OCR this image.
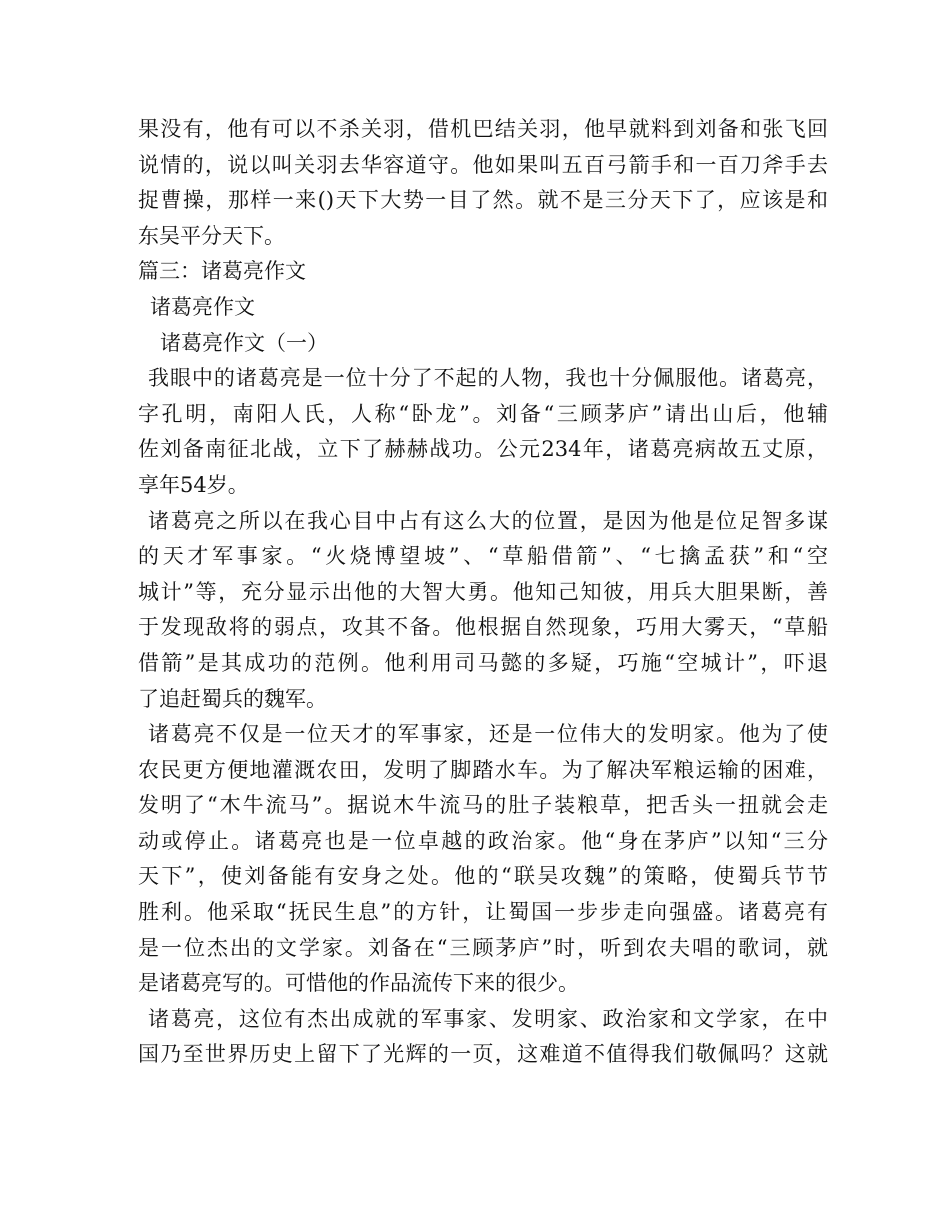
果没有，他有可以不杀关羽，借机巴结关羽，他早就料到刘备和张飞回
说情的，说以叫关羽去华容道守。他如果叫五百弓箭手和一百刀斧手去
捉曹操，那样一来()天下大势一目了然。就不是三分天下了，应该是和
东吴平分天下。
篇三：诸葛亮作文
诸葛亮作文
诸葛亮作文（一）
我眼中的诸葛亮是一位十分了不起的人物，我也十分佩服他。诸葛亮，
字孔明，南阳人氏，人称“卧龙”。刘备“三顾茅庐”请出山后，他辅
佐刘备南征北战，立下了赫赫战功。公元234年，诸葛亮病故五丈原，
享年54岁。
诸葛亮之所以在我心目中占有这么大的位置，是因为他是位足智多谋
的天才军事家。“火烧博望坡”、“草船借箭”、“七擒孟获”和“空
城计”等，充分显示出他的大智大勇。他知己知彼，用兵大胆果断，善
于发现敌将的弱点，攻其不备。他根据自然现象，巧用大雾天，“草船
借箭”是其成功的范例。他利用司马懿的多疑，巧施“空城计”，吓退
了追赶蜀兵的魏军。
诸葛亮不仅是一位天才的军事家，还是一位伟大的发明家。他为了使
农民更方便地灌溉农田，发明了脚踏水车。为了解决军粮运输的困难，
发明了“木牛流马”。据说木牛流马的肚子装粮草，把舌头一扭就会走
动或停止。诸葛亮也是一位卓越的政治家。他“身在茅庐”以知“三分
天下”，使刘备能有安身之处。他的“联吴攻魏”的策略，使蜀兵节节
胜利。他采取“抚民生息”的方针，让蜀国一步步走向强盛。诸葛亮有
是一位杰出的文学家。刘备在“三顾茅庐”时，听到农夫唱的歌词，就
是诸葛亮写的。可惜他的作品流传下来的很少。
诸葛亮，这位有杰出成就的军事家、发明家、政治家和文学家，在中
国乃至世界历史上留下了光辉的一页，这难道不值得我们敬佩吗？这就
